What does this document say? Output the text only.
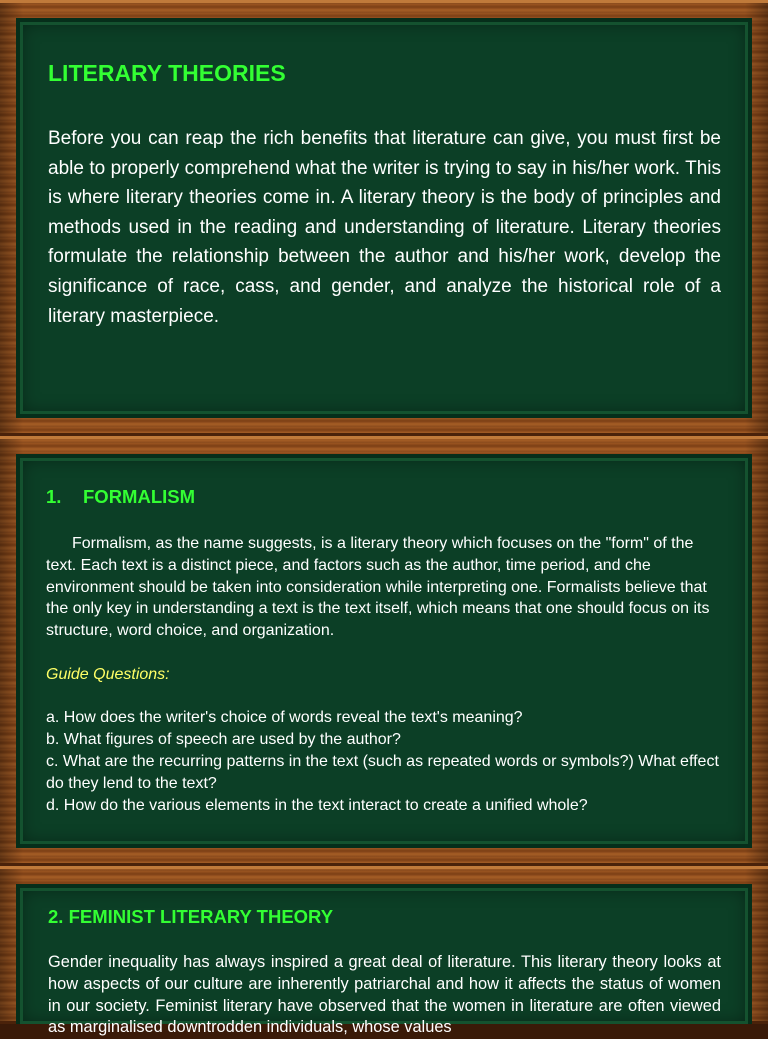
LITERARY THEORIES

Before you can reap the rich benefits that literature can give, you must first be able to properly comprehend what the writer is trying to say in his/her work. This is where literary theories come in. A literary theory is the body of principles and methods used in the reading and understanding of literature. Literary theories formulate the relationship between the author and his/her work, develop the significance of race, cass, and gender, and analyze the historical role of a literary masterpiece.

1. FORMALISM

Formalism, as the name suggests, is a literary theory which focuses on the "form" of the text. Each text is a distinct piece, and factors such as the author, time period, and che environment should be taken into consideration while interpreting one. Formalists believe that the only key in understanding a text is the text itself, which means that one should focus on its structure, word choice, and organization.

Guide Questions:

a. How does the writer's choice of words reveal the text's meaning?

b. What figures of speech are used by the author?

c. What are the recurring patterns in the text (such as repeated words or symbols?) What effect do they lend to the text?

d. How do the various elements in the text interact to create a unified whole?

2. FEMINIST LITERARY THEORY

Gender inequality has always inspired a great deal of literature. This literary theory looks at how aspects of our culture are inherently patriarchal and how it affects the status of women in our society. Feminist literary have observed that the women in literature are often viewed as marginalised downtrodden individuals, whose values
